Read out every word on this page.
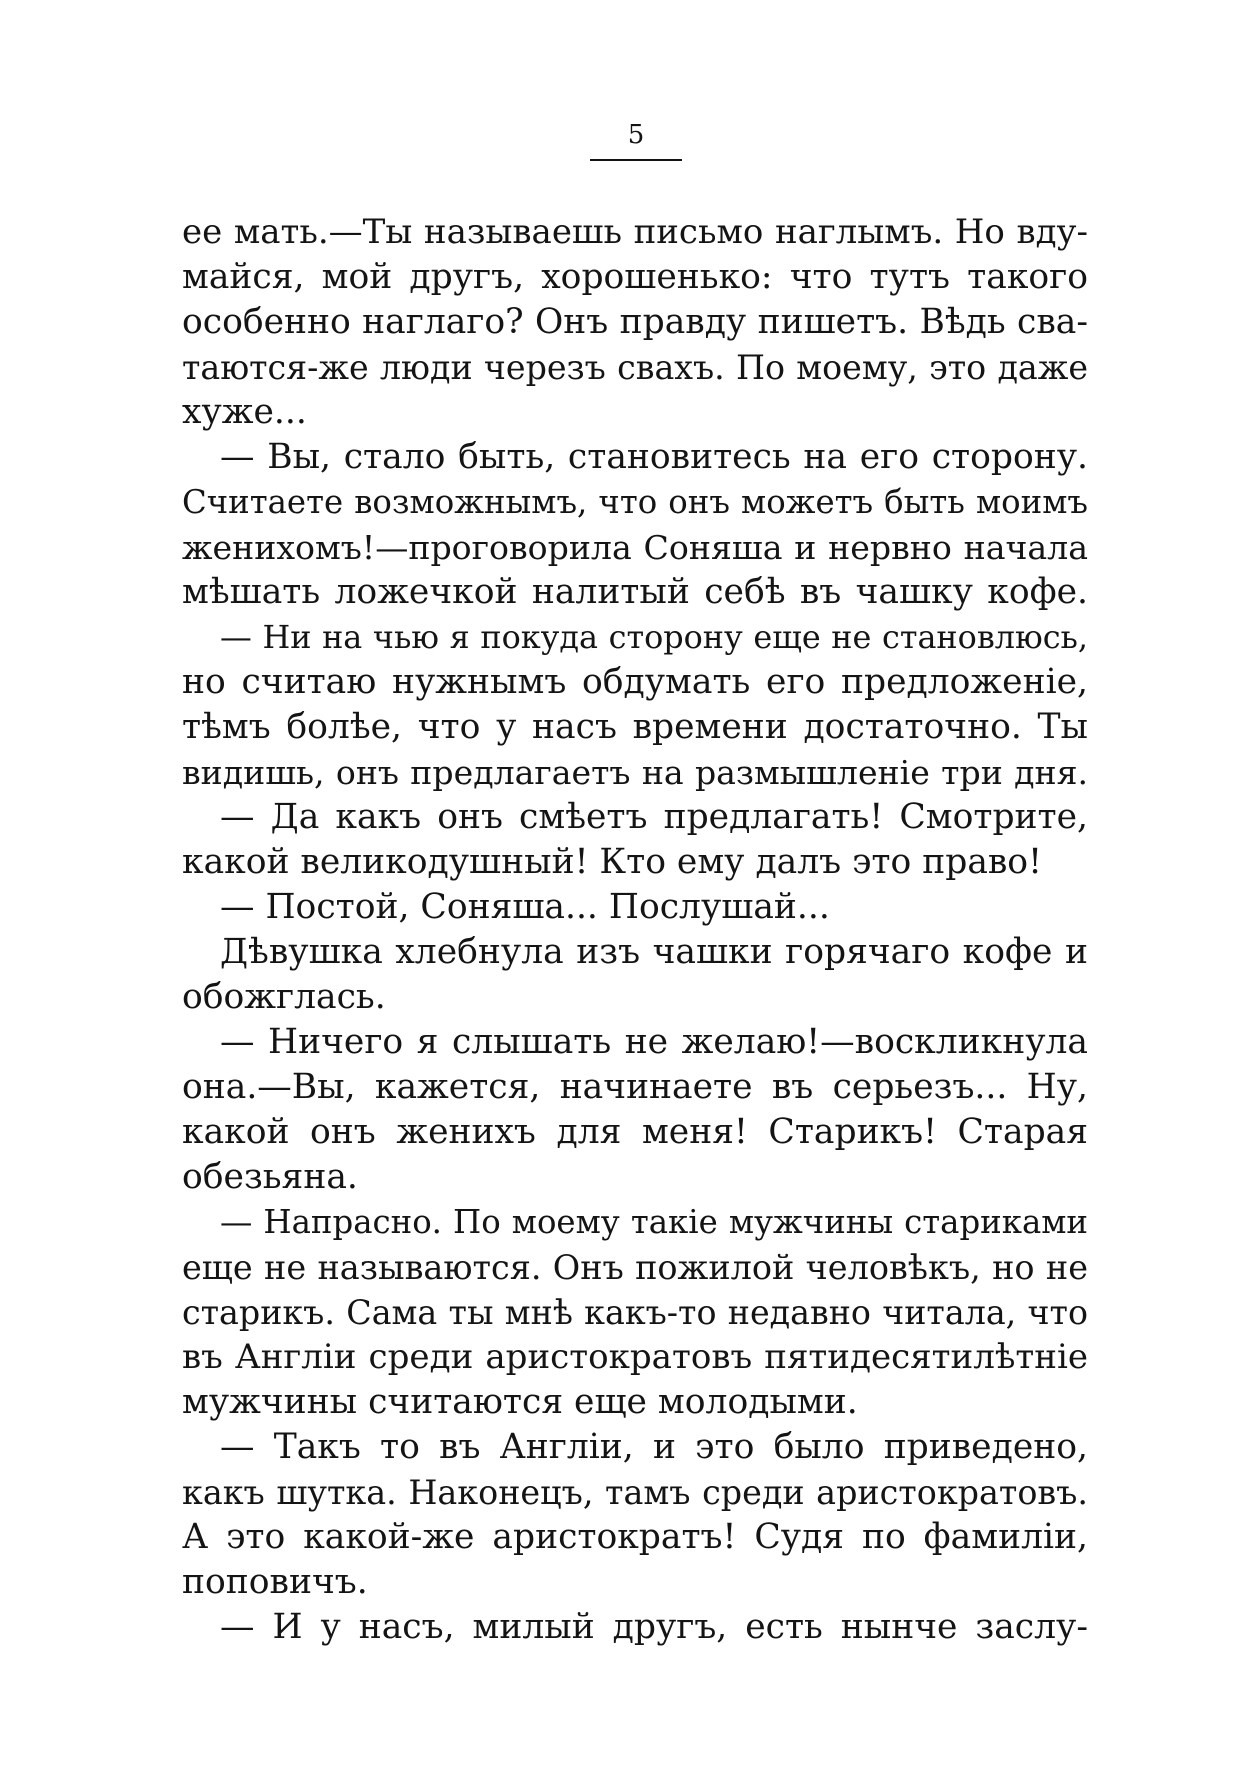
5
ее мать.—Ты называешь письмо наглымъ. Но вду-
майся, мой другъ, хорошенько: что тутъ такого
особенно наглаго? Онъ правду пишетъ. Вѣдь сва-
таются-же люди черезъ свахъ. По моему, это даже
хуже...
— Вы, стало быть, становитесь на его сторону.
Считаете возможнымъ, что онъ можетъ быть моимъ
женихомъ!—проговорила Соняша и нервно начала
мѣшать ложечкой налитый себѣ въ чашку кофе.
— Ни на чью я покуда сторону еще не становлюсь,
но считаю нужнымъ обдумать его предложеніе,
тѣмъ болѣе, что у насъ времени достаточно. Ты
видишь, онъ предлагаетъ на размышленіе три дня.
— Да какъ онъ смѣетъ предлагать! Смотрите,
какой великодушный! Кто ему далъ это право!
— Постой, Соняша... Послушай...
Дѣвушка хлебнула изъ чашки горячаго кофе и
обожглась.
— Ничего я слышать не желаю!—воскликнула
она.—Вы, кажется, начинаете въ серьезъ... Ну,
какой онъ женихъ для меня! Старикъ! Старая
обезьяна.
— Напрасно. По моему такіе мужчины стариками
еще не называются. Онъ пожилой человѣкъ, но не
старикъ. Сама ты мнѣ какъ-то недавно читала, что
въ Англіи среди аристократовъ пятидесятилѣтніе
мужчины считаются еще молодыми.
— Такъ то въ Англіи, и это было приведено,
какъ шутка. Наконецъ, тамъ среди аристократовъ.
А это какой-же аристократъ! Судя по фамиліи,
поповичъ.
— И у насъ, милый другъ, есть нынче заслу-
